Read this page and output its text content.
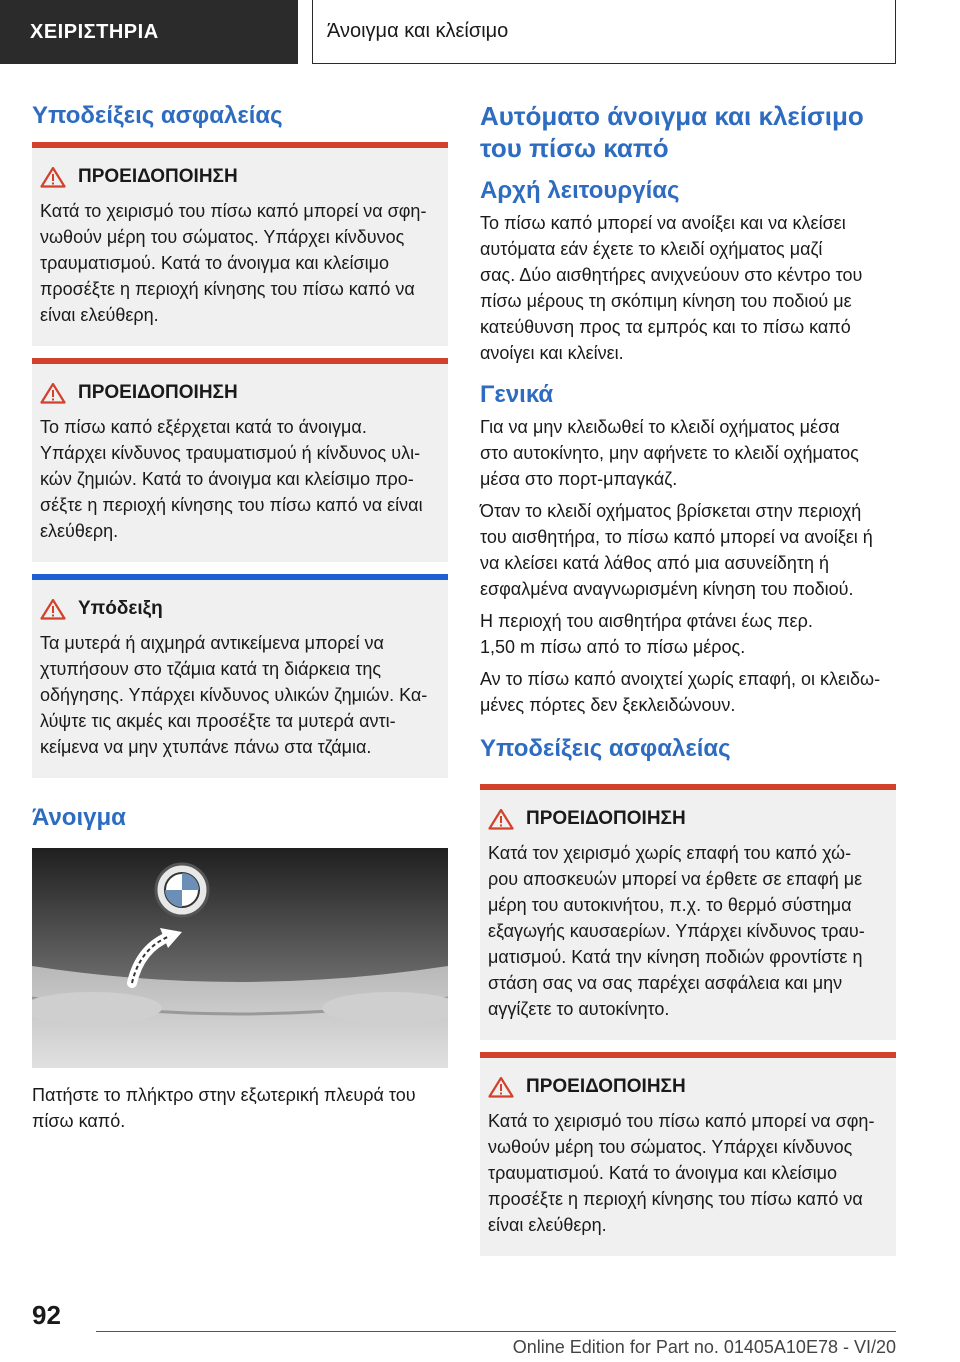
ΧΕΙΡΙΣΤΗΡΙΑ	Άνοιγμα και κλείσιμο
Υποδείξεις ασφαλείας
ΠΡΟΕΙΔΟΠΟΙΗΣΗ

Κατά το χειρισμό του πίσω καπό μπορεί να σφη-
νωθούν μέρη του σώματος. Υπάρχει κίνδυνος
τραυματισμού. Κατά το άνοιγμα και κλείσιμο
προσέξτε η περιοχή κίνησης του πίσω καπό να
είναι ελεύθερη.

ΠΡΟΕΙΔΟΠΟΙΗΣΗ

Το πίσω καπό εξέρχεται κατά το άνοιγμα.
Υπάρχει κίνδυνος τραυματισμού ή κίνδυνος υλι-
κών ζημιών. Κατά το άνοιγμα και κλείσιμο προ-
σέξτε η περιοχή κίνησης του πίσω καπό να είναι
ελεύθερη.

Υπόδειξη

Τα μυτερά ή αιχμηρά αντικείμενα μπορεί να
χτυπήσουν στο τζάμια κατά τη διάρκεια της
οδήγησης. Υπάρχει κίνδυνος υλικών ζημιών. Κα-
λύψτε τις ακμές και προσέξτε τα μυτερά αντι-
κείμενα να μην χτυπάνε πάνω στα τζάμια.

Άνοιγμα

Πατήστε το πλήκτρο στην εξωτερική πλευρά του
πίσω καπό.

Αυτόματο άνοιγμα και κλείσιμο
του πίσω καπό
Αρχή λειτουργίας

Το πίσω καπό μπορεί να ανοίξει και να κλείσει
αυτόματα εάν έχετε το κλειδί οχήματος μαζί
σας. Δύο αισθητήρες ανιχνεύουν στο κέντρο του
πίσω μέρους τη σκόπιμη κίνηση του ποδιού με
κατεύθυνση προς τα εμπρός και το πίσω καπό
ανοίγει και κλείνει.

Γενικά

Για να μην κλειδωθεί το κλειδί οχήματος μέσα
στο αυτοκίνητο, μην αφήνετε το κλειδί οχήματος
μέσα στο πορτ-μπαγκάζ.

Όταν το κλειδί οχήματος βρίσκεται στην περιοχή
του αισθητήρα, το πίσω καπό μπορεί να ανοίξει ή
να κλείσει κατά λάθος από μια ασυνείδητη ή
εσφαλμένα αναγνωρισμένη κίνηση του ποδιού.

Η περιοχή του αισθητήρα φτάνει έως περ.
1,50 m πίσω από το πίσω μέρος.

Αν το πίσω καπό ανοιχτεί χωρίς επαφή, οι κλειδω-
μένες πόρτες δεν ξεκλειδώνουν.

Υποδείξεις ασφαλείας
ΠΡΟΕΙΔΟΠΟΙΗΣΗ

Κατά τον χειρισμό χωρίς επαφή του καπό χώ-
ρου αποσκευών μπορεί να έρθετε σε επαφή με
μέρη του αυτοκινήτου, π.χ. το θερμό σύστημα
εξαγωγής καυσαερίων. Υπάρχει κίνδυνος τραυ-
ματισμού. Κατά την κίνηση ποδιών φροντίστε η
στάση σας να σας παρέχει ασφάλεια και μην
αγγίζετε το αυτοκίνητο.

ΠΡΟΕΙΔΟΠΟΙΗΣΗ

Κατά το χειρισμό του πίσω καπό μπορεί να σφη-
νωθούν μέρη του σώματος. Υπάρχει κίνδυνος
τραυματισμού. Κατά το άνοιγμα και κλείσιμο
προσέξτε η περιοχή κίνησης του πίσω καπό να
είναι ελεύθερη.

92
Online Edition for Part no. 01405A10E78 - VI/20
